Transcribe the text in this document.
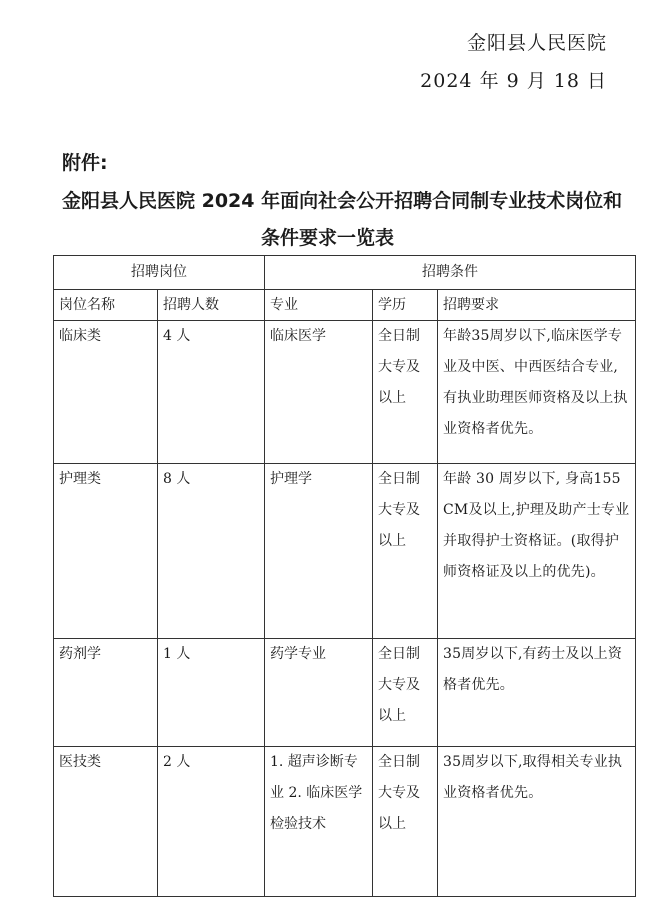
金阳县人民医院
2024 年 9 月 18 日
附件:
金阳县人民医院 2024 年面向社会公开招聘合同制专业技术岗位和
条件要求一览表
招聘岗位		招聘条件		
岗位名称	招聘人数	专业	学历	招聘要求
临床类	4 人	临床医学	全日制大专及以上	年龄35周岁以下,临床医学专业及中医、中西医结合专业,有执业助理医师资格及以上执业资格者优先。
护理类	8 人	护理学	全日制大专及以上	年龄 30 周岁以下, 身高155CM及以上,护理及助产士专业并取得护士资格证。(取得护师资格证及以上的优先)。
药剂学	1 人	药学专业	全日制大专及以上	35周岁以下,有药士及以上资格者优先。
医技类	2 人	1. 超声诊断专业 2. 临床医学检验技术	全日制大专及以上	35周岁以下,取得相关专业执业资格者优先。
